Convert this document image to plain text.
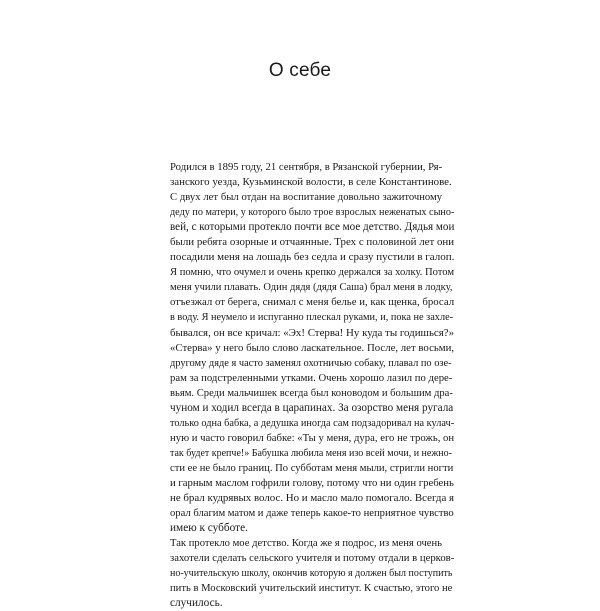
О себе

Родился в 1895 году, 21 сентября, в Рязанской губернии, Ря-
занского уезда, Кузьминской волости, в селе Константинове.

С двух лет был отдан на воспитание довольно зажиточному
деду по матери, у которого было трое взрослых неженатых сыно-
вей, с которыми протекло почти все мое детство. Дядья мои
были ребята озорные и отчаянные. Трех с половиной лет они
посадили меня на лошадь без седла и сразу пустили в галоп.
Я помню, что очумел и очень крепко держался за холку. Потом
меня учили плавать. Один дядя (дядя Саша) брал меня в лодку,
отъезжал от берега, снимал с меня белье и, как щенка, бросал
в воду. Я неумело и испуганно плескал руками, и, пока не захле-
бывался, он все кричал: «Эх! Стерва! Ну куда ты годишься?»
«Стерва» у него было слово ласкательное. После, лет восьми,
другому дяде я часто заменял охотничью собаку, плавал по озе-
рам за подстреленными утками. Очень хорошо лазил по дере-
вьям. Среди мальчишек всегда был коноводом и большим дра-
чуном и ходил всегда в царапинах. За озорство меня ругала
только одна бабка, а дедушка иногда сам подзадоривал на кулач-
ную и часто говорил бабке: «Ты у меня, дура, его не трожь, он
так будет крепче!» Бабушка любила меня изо всей мочи, и нежно-
сти ее не было границ. По субботам меня мыли, стригли ногти
и гарным маслом гофрили голову, потому что ни один гребень
не брал кудрявых волос. Но и масло мало помогало. Всегда я
орал благим матом и даже теперь какое-то неприятное чувство
имею к субботе.

Так протекло мое детство. Когда же я подрос, из меня очень
захотели сделать сельского учителя и потому отдали в церков-
но-учительскую школу, окончив которую я должен был поступить
пить в Московский учительский институт. К счастью, этого не
случилось.
